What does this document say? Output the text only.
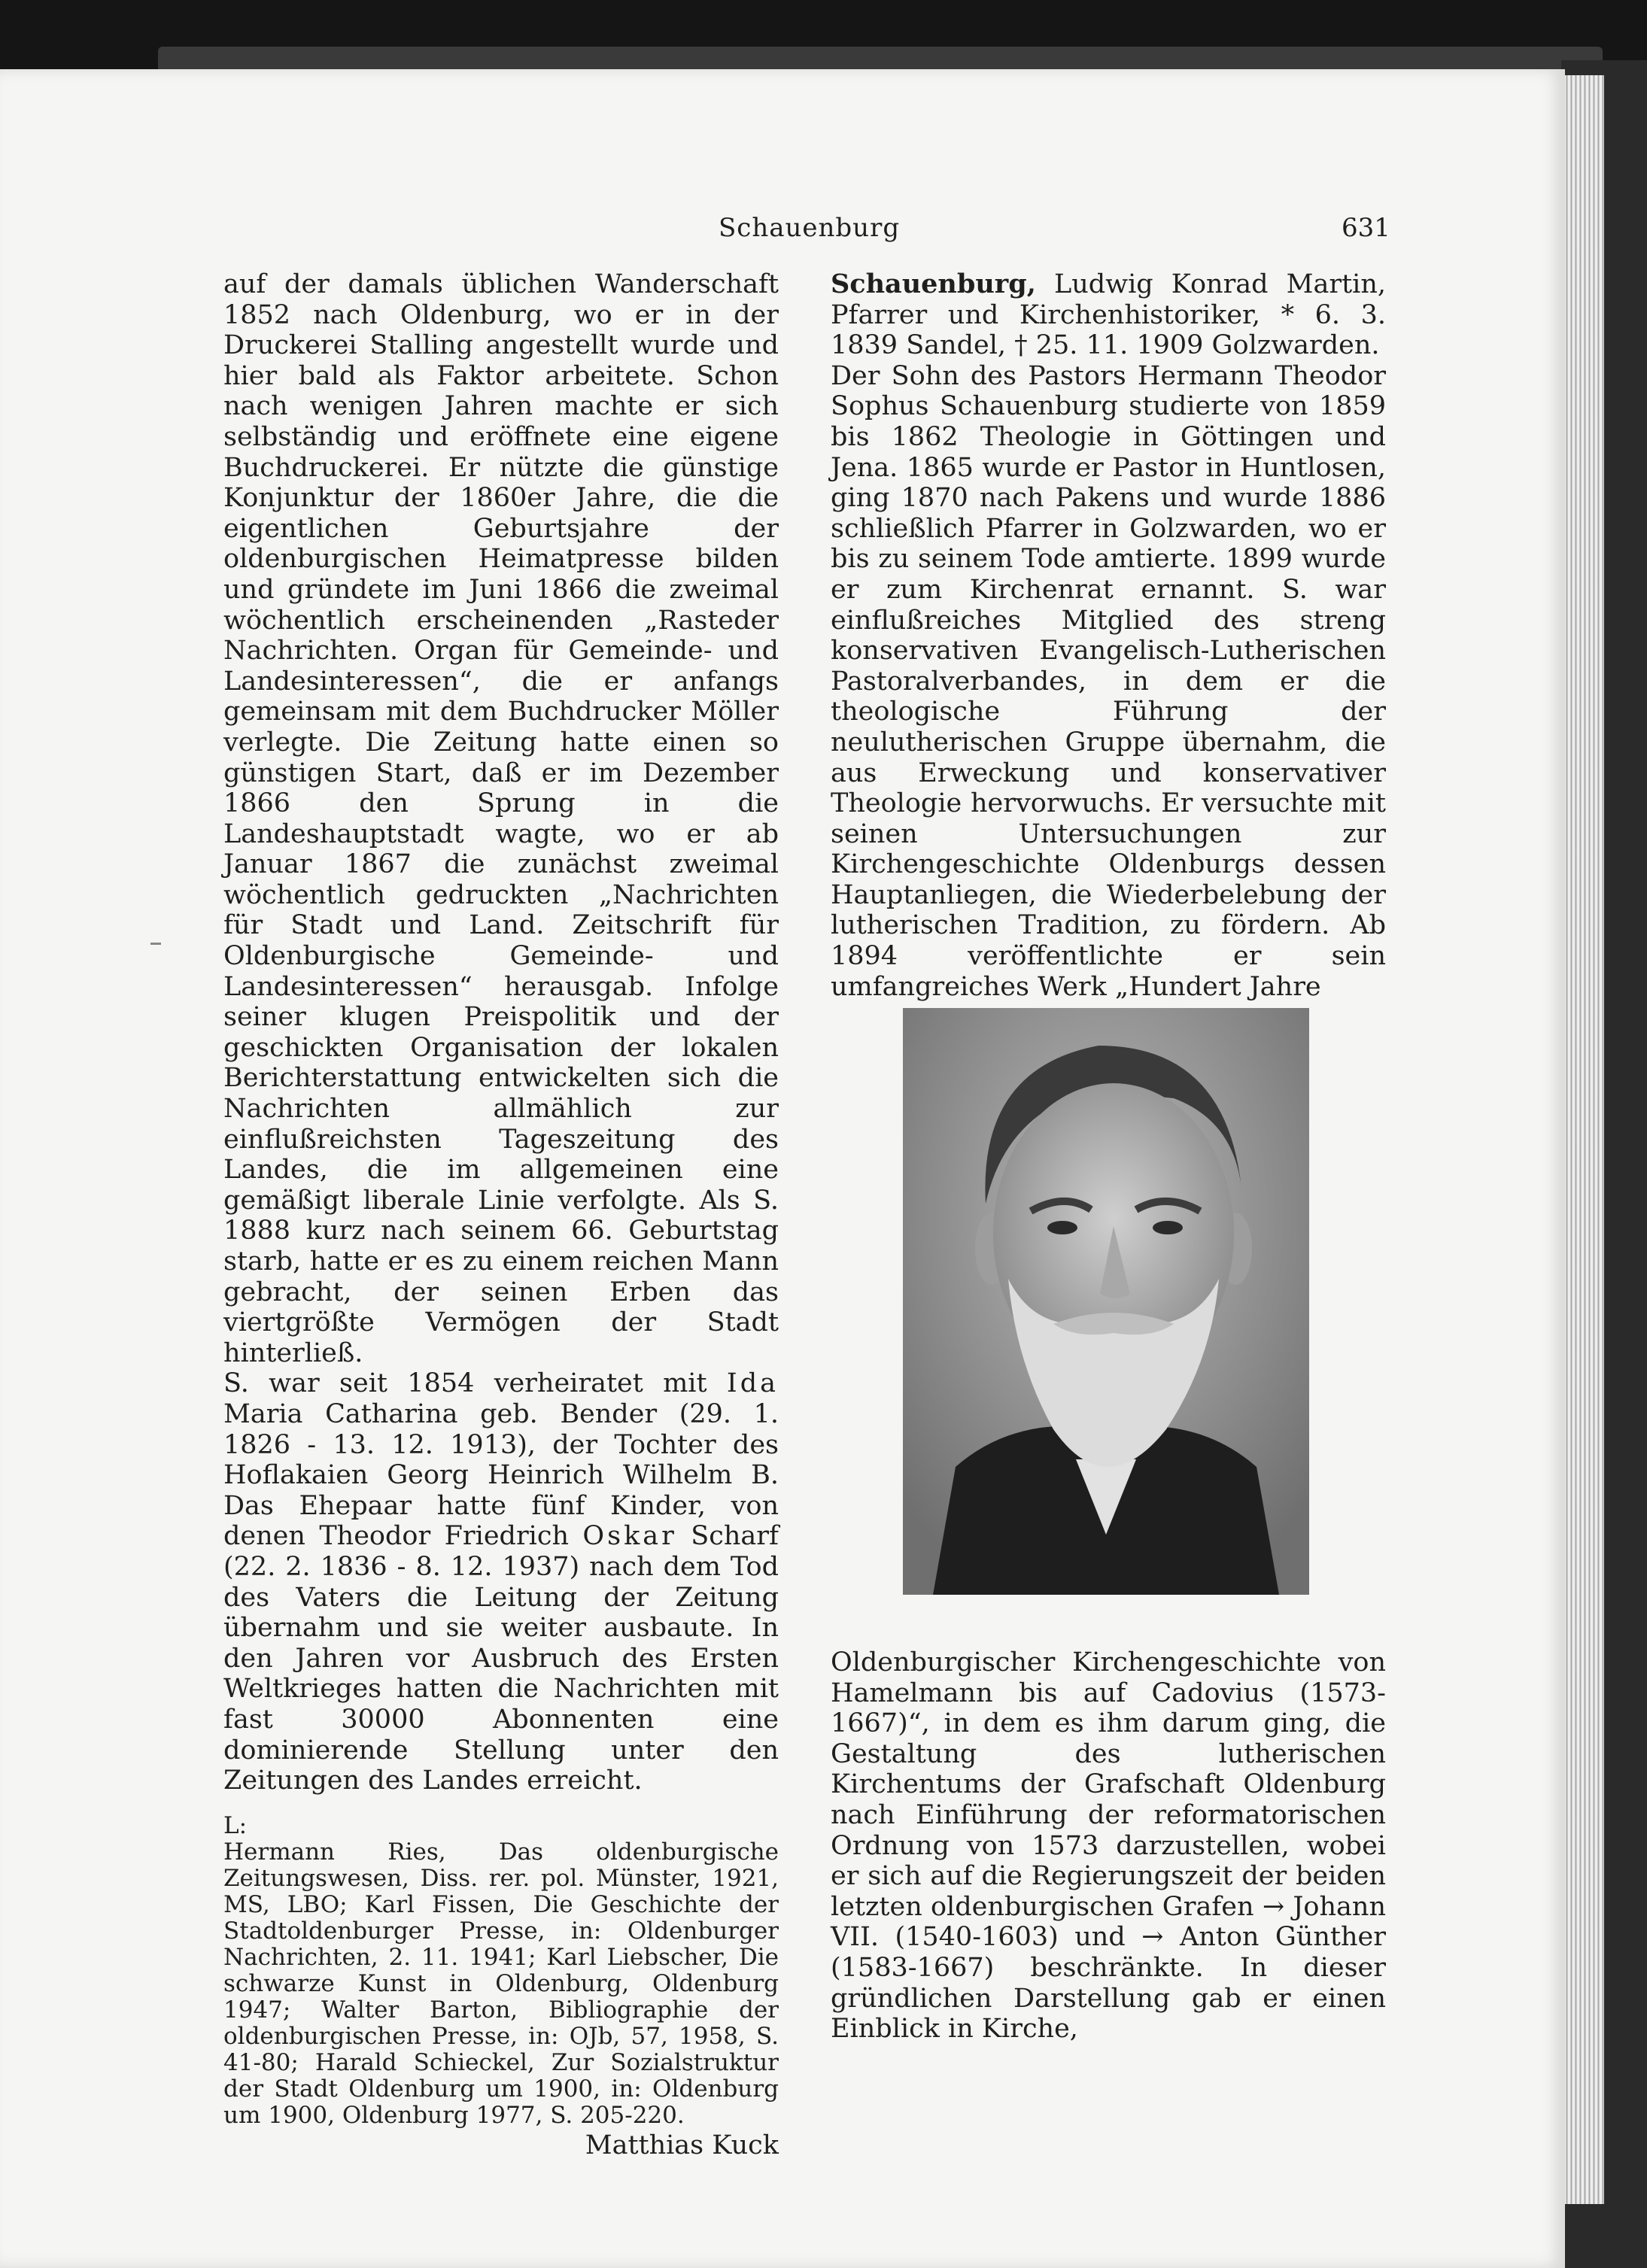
Schauenburg	631

auf der damals üblichen Wanderschaft 1852 nach Oldenburg, wo er in der Druckerei Stalling angestellt wurde und hier bald als Faktor arbeitete. Schon nach wenigen Jahren machte er sich selbständig und eröffnete eine eigene Buchdruckerei. Er nützte die günstige Konjunktur der 1860er Jahre, die die eigentlichen Geburtsjahre der oldenburgischen Heimatpresse bilden und gründete im Juni 1866 die zweimal wöchentlich erscheinenden „Rasteder Nachrichten. Organ für Gemeinde- und Landesinteressen“, die er anfangs gemeinsam mit dem Buchdrucker Möller verlegte. Die Zeitung hatte einen so günstigen Start, daß er im Dezember 1866 den Sprung in die Landeshauptstadt wagte, wo er ab Januar 1867 die zunächst zweimal wöchentlich gedruckten „Nachrichten für Stadt und Land. Zeitschrift für Oldenburgische Gemeinde- und Landesinteressen“ herausgab. Infolge seiner klugen Preispolitik und der geschickten Organisation der lokalen Berichterstattung entwickelten sich die Nachrichten allmählich zur einflußreichsten Tageszeitung des Landes, die im allgemeinen eine gemäßigt liberale Linie verfolgte. Als S. 1888 kurz nach seinem 66. Geburtstag starb, hatte er es zu einem reichen Mann gebracht, der seinen Erben das viertgrößte Vermögen der Stadt hinterließ.

S. war seit 1854 verheiratet mit Ida Maria Catharina geb. Bender (29. 1. 1826 - 13. 12. 1913), der Tochter des Hoflakaien Georg Heinrich Wilhelm B. Das Ehepaar hatte fünf Kinder, von denen Theodor Friedrich Oskar Scharf (22. 2. 1836 - 8. 12. 1937) nach dem Tod des Vaters die Leitung der Zeitung übernahm und sie weiter ausbaute. In den Jahren vor Ausbruch des Ersten Weltkrieges hatten die Nachrichten mit fast 30000 Abonnenten eine dominierende Stellung unter den Zeitungen des Landes erreicht.

L:
Hermann Ries, Das oldenburgische Zeitungswesen, Diss. rer. pol. Münster, 1921, MS, LBO; Karl Fissen, Die Geschichte der Stadtoldenburger Presse, in: Oldenburger Nachrichten, 2. 11. 1941; Karl Liebscher, Die schwarze Kunst in Oldenburg, Oldenburg 1947; Walter Barton, Bibliographie der oldenburgischen Presse, in: OJb, 57, 1958, S. 41-80; Harald Schieckel, Zur Sozialstruktur der Stadt Oldenburg um 1900, in: Oldenburg um 1900, Oldenburg 1977, S. 205-220.
Matthias Kuck

Schauenburg, Ludwig Konrad Martin, Pfarrer und Kirchenhistoriker, * 6. 3. 1839 Sandel, † 25. 11. 1909 Golzwarden.

Der Sohn des Pastors Hermann Theodor Sophus Schauenburg studierte von 1859 bis 1862 Theologie in Göttingen und Jena. 1865 wurde er Pastor in Huntlosen, ging 1870 nach Pakens und wurde 1886 schließlich Pfarrer in Golzwarden, wo er bis zu seinem Tode amtierte. 1899 wurde er zum Kirchenrat ernannt. S. war einflußreiches Mitglied des streng konservativen Evangelisch-Lutherischen Pastoralverbandes, in dem er die theologische Führung der neulutherischen Gruppe übernahm, die aus Erweckung und konservativer Theologie hervorwuchs. Er versuchte mit seinen Untersuchungen zur Kirchengeschichte Oldenburgs dessen Hauptanliegen, die Wiederbelebung der lutherischen Tradition, zu fördern. Ab 1894 veröffentlichte er sein umfangreiches Werk „Hundert Jahre

Oldenburgischer Kirchengeschichte von Hamelmann bis auf Cadovius (1573-1667)“, in dem es ihm darum ging, die Gestaltung des lutherischen Kirchentums der Grafschaft Oldenburg nach Einführung der reformatorischen Ordnung von 1573 darzustellen, wobei er sich auf die Regierungszeit der beiden letzten oldenburgischen Grafen → Johann VII. (1540-1603) und → Anton Günther (1583-1667) beschränkte. In dieser gründlichen Darstellung gab er einen Einblick in Kirche,
